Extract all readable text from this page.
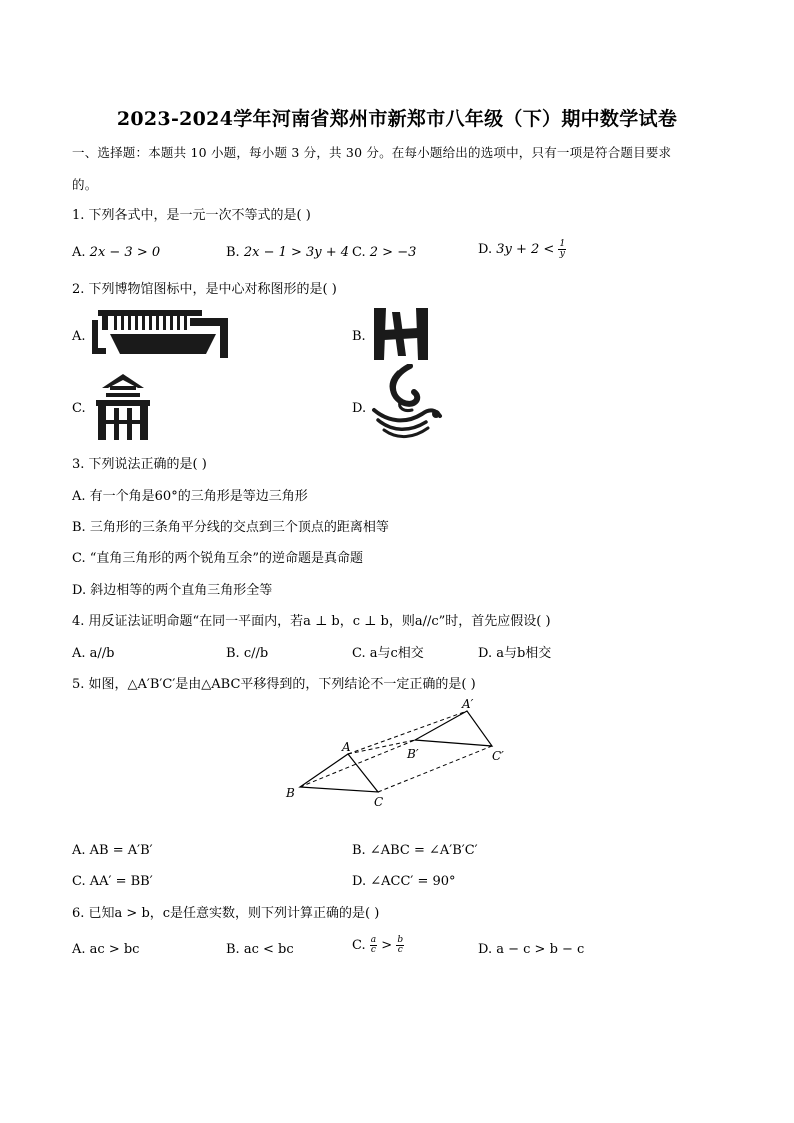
2023-2024学年河南省郑州市新郑市八年级（下）期中数学试卷
一、选择题：本题共 10 小题，每小题 3 分，共 30 分。在每小题给出的选项中，只有一项是符合题目要求
的。
1. 下列各式中，是一元一次不等式的是( )
A. 2x − 3 > 0	B. 2x − 1 > 3y + 4 C. 2 > −3	D. $3y + 2 < \frac{1}{y}$
2. 下列博物馆图标中，是中心对称图形的是( )
A.	B.
C.	D.
3. 下列说法正确的是( )
A. 有一个角是60°的三角形是等边三角形
B. 三角形的三条角平分线的交点到三个顶点的距离相等
C. “直角三角形的两个锐角互余”的逆命题是真命题
D. 斜边相等的两个直角三角形全等
4. 用反证法证明命题“在同一平面内，若a ⊥ b，c ⊥ b，则a//c”时，首先应假设( )
A. a//b	B. c//b	C. a与c相交	D. a与b相交
5. 如图，△A′B′C′是由△ABC平移得到的，下列结论不一定正确的是( )
A
B
C
A′
B′	C′
A. AB = A′B′	B. ∠ABC = ∠A′B′C′
C. AA′ = BB′	D. ∠ACC′ = 90°
6. 已知a > b，c是任意实数，则下列计算正确的是( )
A. ac > bc	B. ac < bc	C. $\frac{a}{c} > \frac{b}{c}$	D. a − c > b − c
